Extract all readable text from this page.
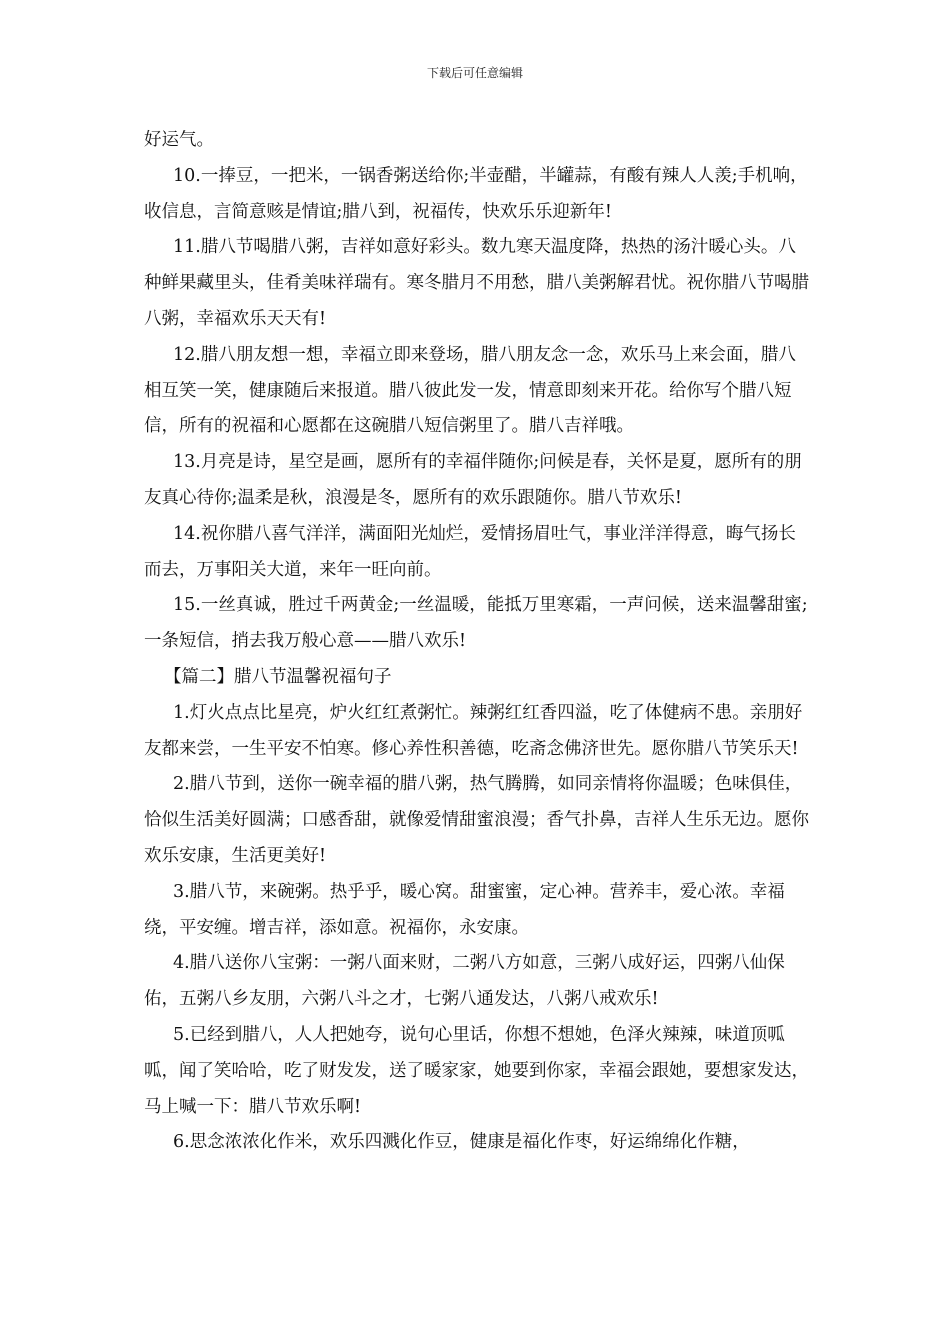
下载后可任意编辑

好运气。

10.一捧豆，一把米，一锅香粥送给你;半壶醋，半罐蒜，有酸有辣人人羡;手机响，收信息，言简意赅是情谊;腊八到，祝福传，快欢乐乐迎新年!

11.腊八节喝腊八粥，吉祥如意好彩头。数九寒天温度降，热热的汤汁暖心头。八种鲜果藏里头，佳肴美味祥瑞有。寒冬腊月不用愁，腊八美粥解君忧。祝你腊八节喝腊八粥，幸福欢乐天天有!

12.腊八朋友想一想，幸福立即来登场，腊八朋友念一念，欢乐马上来会面，腊八相互笑一笑，健康随后来报道。腊八彼此发一发，情意即刻来开花。给你写个腊八短信，所有的祝福和心愿都在这碗腊八短信粥里了。腊八吉祥哦。

13.月亮是诗，星空是画，愿所有的幸福伴随你;问候是春，关怀是夏，愿所有的朋友真心待你;温柔是秋，浪漫是冬，愿所有的欢乐跟随你。腊八节欢乐!

14.祝你腊八喜气洋洋，满面阳光灿烂，爱情扬眉吐气，事业洋洋得意，晦气扬长而去，万事阳关大道，来年一旺向前。

15.一丝真诚，胜过千两黄金;一丝温暖，能抵万里寒霜，一声问候，送来温馨甜蜜;一条短信，捎去我万般心意——腊八欢乐!

【篇二】腊八节温馨祝福句子

1.灯火点点比星亮，炉火红红煮粥忙。辣粥红红香四溢，吃了体健病不患。亲朋好友都来尝，一生平安不怕寒。修心养性积善德，吃斋念佛济世先。愿你腊八节笑乐天!

2.腊八节到，送你一碗幸福的腊八粥，热气腾腾，如同亲情将你温暖；色味俱佳，恰似生活美好圆满；口感香甜，就像爱情甜蜜浪漫；香气扑鼻，吉祥人生乐无边。愿你欢乐安康，生活更美好!

3.腊八节，来碗粥。热乎乎，暖心窝。甜蜜蜜，定心神。营养丰，爱心浓。幸福绕，平安缠。增吉祥，添如意。祝福你，永安康。

4.腊八送你八宝粥：一粥八面来财，二粥八方如意，三粥八成好运，四粥八仙保佑，五粥八乡友朋，六粥八斗之才，七粥八通发达，八粥八戒欢乐!

5.已经到腊八，人人把她夸，说句心里话，你想不想她，色泽火辣辣，味道顶呱呱，闻了笑哈哈，吃了财发发，送了暖家家，她要到你家，幸福会跟她，要想家发达，马上喊一下：腊八节欢乐啊!

6.思念浓浓化作米，欢乐四溅化作豆，健康是福化作枣，好运绵绵化作糖，
